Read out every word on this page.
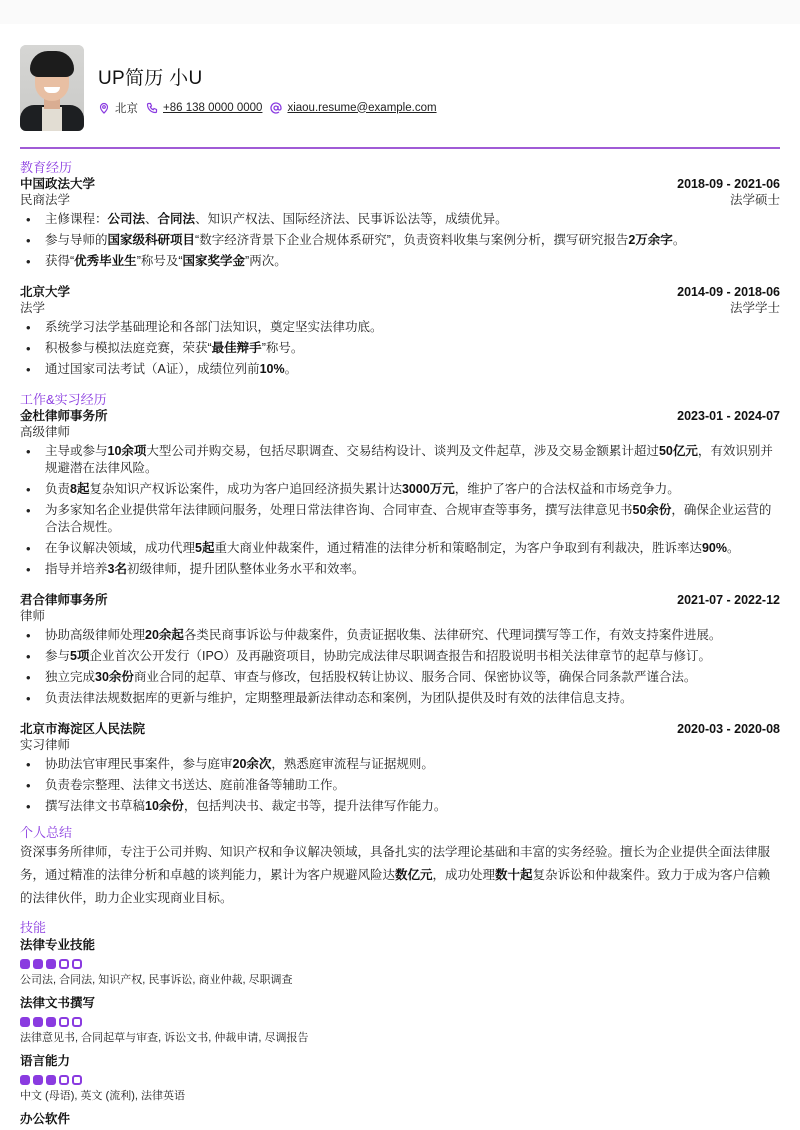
UP简历 小U
北京 +86 138 0000 0000 xiaou.resume@example.com
教育经历
中国政法大学	2018-09 - 2021-06
民商法学	法学硕士
• 主修课程：公司法、合同法、知识产权法、国际经济法、民事诉讼法等，成绩优异。
• 参与导师的国家级科研项目“数字经济背景下企业合规体系研究”，负责资料收集与案例分析，撰写研究报告2万余字。
• 获得“优秀毕业生”称号及“国家奖学金”两次。
北京大学	2014-09 - 2018-06
法学	法学学士
• 系统学习法学基础理论和各部门法知识，奠定坚实法律功底。
• 积极参与模拟法庭竞赛，荣获“最佳辩手”称号。
• 通过国家司法考试（A证），成绩位列前10%。
工作&实习经历
金杜律师事务所	2023-01 - 2024-07
高级律师
• 主导或参与10余项大型公司并购交易，包括尽职调查、交易结构设计、谈判及文件起草，涉及交易金额累计超过50亿元，有效识别并规避潜在法律风险。
• 负责8起复杂知识产权诉讼案件，成功为客户追回经济损失累计达3000万元，维护了客户的合法权益和市场竞争力。
• 为多家知名企业提供常年法律顾问服务，处理日常法律咨询、合同审查、合规审查等事务，撰写法律意见书50余份，确保企业运营的合法合规性。
• 在争议解决领域，成功代理5起重大商业仲裁案件，通过精准的法律分析和策略制定，为客户争取到有利裁决，胜诉率达90%。
• 指导并培养3名初级律师，提升团队整体业务水平和效率。
君合律师事务所	2021-07 - 2022-12
律师
• 协助高级律师处理20余起各类民商事诉讼与仲裁案件，负责证据收集、法律研究、代理词撰写等工作，有效支持案件进展。
• 参与5项企业首次公开发行（IPO）及再融资项目，协助完成法律尽职调查报告和招股说明书相关法律章节的起草与修订。
• 独立完成30余份商业合同的起草、审查与修改，包括股权转让协议、服务合同、保密协议等，确保合同条款严谨合法。
• 负责法律法规数据库的更新与维护，定期整理最新法律动态和案例，为团队提供及时有效的法律信息支持。
北京市海淀区人民法院	2020-03 - 2020-08
实习律师
• 协助法官审理民事案件，参与庭审20余次，熟悉庭审流程与证据规则。
• 负责卷宗整理、法律文书送达、庭前准备等辅助工作。
• 撰写法律文书草稿10余份，包括判决书、裁定书等，提升法律写作能力。
个人总结
资深事务所律师，专注于公司并购、知识产权和争议解决领域，具备扎实的法学理论基础和丰富的实务经验。擅长为企业提供全面法律服务，通过精准的法律分析和卓越的谈判能力，累计为客户规避风险达数亿元，成功处理数十起复杂诉讼和仲裁案件。致力于成为客户信赖的法律伙伴，助力企业实现商业目标。
技能
法律专业技能
公司法, 合同法, 知识产权, 民事诉讼, 商业仲裁, 尽职调查
法律文书撰写
法律意见书, 合同起草与审查, 诉讼文书, 仲裁申请, 尽调报告
语言能力
中文 (母语), 英文 (流利), 法律英语
办公软件
